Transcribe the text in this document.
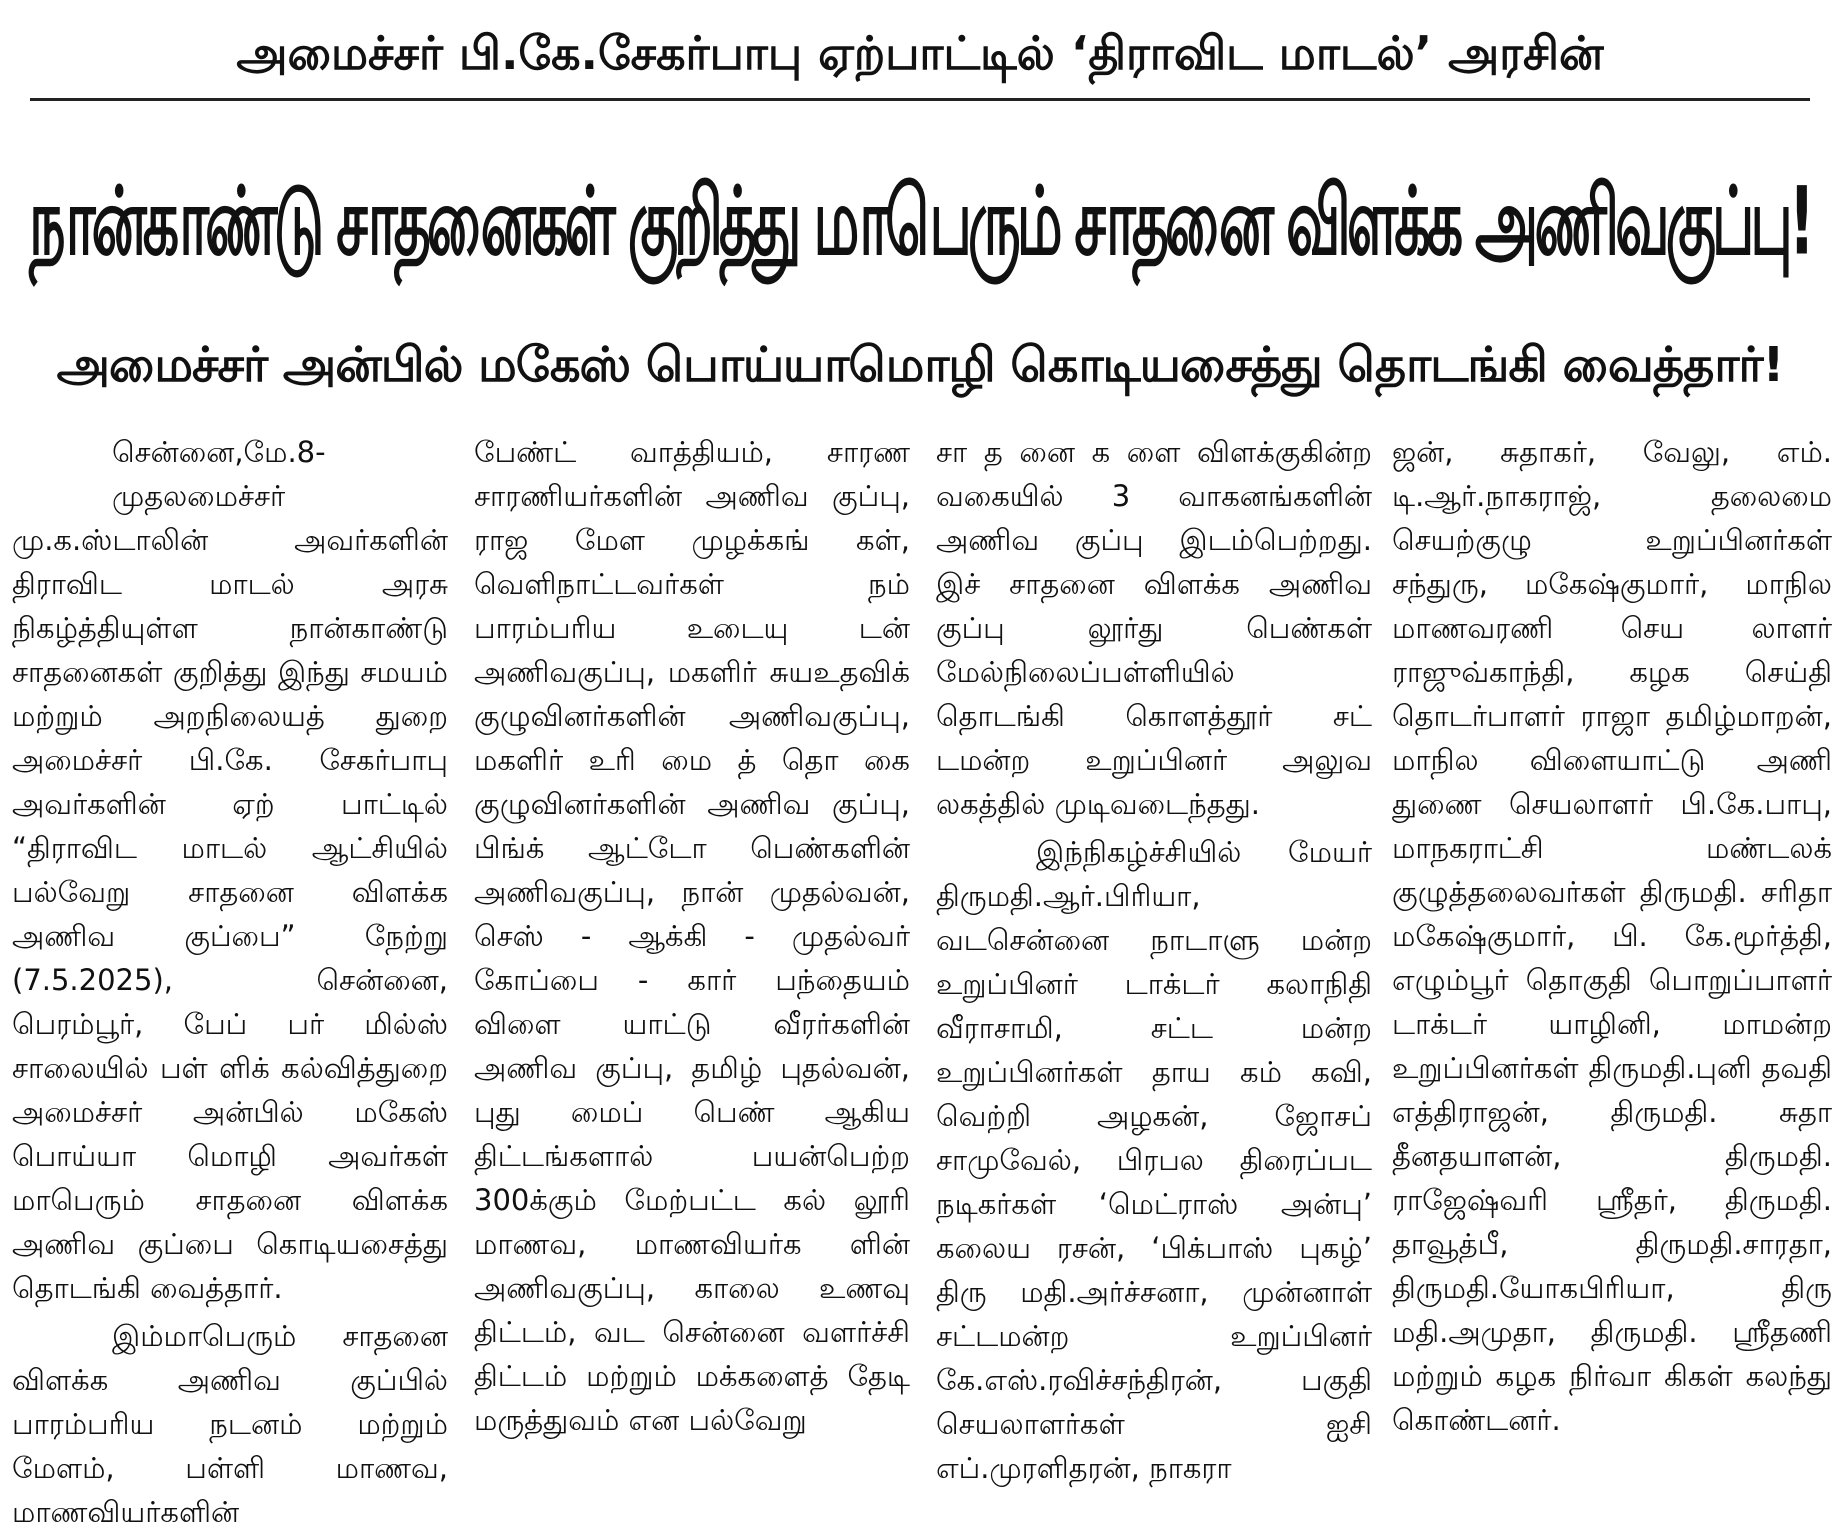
அமைச்சர் பி.கே.சேகர்பாபு ஏற்பாட்டில் ‘திராவிட மாடல்’ அரசின்
நான்காண்டு சாதனைகள் குறித்து மாபெரும் சாதனை விளக்க அணிவகுப்பு!
அமைச்சர் அன்பில் மகேஸ் பொய்யாமொழி கொடியசைத்து தொடங்கி வைத்தார்!

சென்னை,மே.8-

முதலமைச்சர் மு.க.ஸ்டாலின் அவர்களின் திராவிட மாடல் அரசு நிகழ்த்தியுள்ள நான்காண்டு சாதனைகள் குறித்து இந்து சமயம் மற்றும் அறநிலையத் துறை அமைச்சர் பி.கே. சேகர்பாபு அவர்களின் ஏற் பாட்டில் “திராவிட மாடல் ஆட்சியில் பல்வேறு சாதனை விளக்க அணிவ குப்பை” நேற்று (7.5.2025), சென்னை, பெரம்பூர், பேப் பர் மில்ஸ் சாலையில் பள் ளிக் கல்வித்துறை அமைச்சர் அன்பில் மகேஸ் பொய்யா மொழி அவர்கள் மாபெரும் சாதனை விளக்க அணிவ குப்பை கொடியசைத்து தொடங்கி வைத்தார்.

இம்மாபெரும் சாதனை விளக்க அணிவ குப்பில் பாரம்பரிய நடனம் மற்றும் மேளம், பள்ளி மாணவ, மாணவியர்களின்

பேண்ட் வாத்தியம், சாரண சாரணியர்களின் அணிவ குப்பு, ராஜ மேள முழக்கங் கள், வெளிநாட்டவர்கள் நம் பாரம்பரிய உடையு டன் அணிவகுப்பு, மகளிர் சுயஉதவிக் குழுவினர்களின் அணிவகுப்பு, மகளிர் உரி மை த் தொ கை குழுவினர்களின் அணிவ குப்பு, பிங்க் ஆட்டோ பெண்களின் அணிவகுப்பு, நான் முதல்வன், செஸ் - ஆக்கி - முதல்வர் கோப்பை - கார் பந்தையம் விளை யாட்டு வீரர்களின் அணிவ குப்பு, தமிழ் புதல்வன், புது மைப் பெண் ஆகிய திட்டங்களால் பயன்பெற்ற 300க்கும் மேற்பட்ட கல் லூரி மாணவ, மாணவியர்க ளின் அணிவகுப்பு, காலை உணவு திட்டம், வட சென்னை வளர்ச்சி திட்டம் மற்றும் மக்களைத் தேடி மருத்துவம் என பல்வேறு

சா த னை க ளை விளக்குகின்ற வகையில் 3 வாகனங்களின் அணிவ குப்பு இடம்பெற்றது. இச் சாதனை விளக்க அணிவ குப்பு லூர்து பெண்கள் மேல்நிலைப்பள்ளியில் தொடங்கி கொளத்தூர் சட் டமன்ற உறுப்பினர் அலுவ லகத்தில் முடிவடைந்தது.

இந்நிகழ்ச்சியில் மேயர் திருமதி.ஆர்.பிரியா, வடசென்னை நாடாளு மன்ற உறுப்பினர் டாக்டர் கலாநிதி வீராசாமி, சட்ட மன்ற உறுப்பினர்கள் தாய கம் கவி, வெற்றி அழகன், ஜோசப் சாமுவேல், பிரபல திரைப்பட நடிகர்கள் ‘மெட்ராஸ் அன்பு’ கலைய ரசன், ‘பிக்பாஸ் புகழ்’ திரு மதி.அர்ச்சனா, முன்னாள் சட்டமன்ற உறுப்பினர் கே.எஸ்.ரவிச்சந்திரன், பகுதி செயலாளர்கள் ஐசி எப்.முரளிதரன், நாகரா

ஜன், சுதாகர், வேலு, எம். டி.ஆர்.நாகராஜ், தலைமை செயற்குழு உறுப்பினர்கள் சந்துரு, மகேஷ்குமார், மாநில மாணவரணி செய லாளர் ராஜுவ்காந்தி, கழக செய்தி தொடர்பாளர் ராஜா தமிழ்மாறன், மாநில விளையாட்டு அணி துணை செயலாளர் பி.கே.பாபு, மாநகராட்சி மண்டலக் குழுத்தலைவர்கள் திருமதி. சரிதா மகேஷ்குமார், பி. கே.மூர்த்தி, எழும்பூர் தொகுதி பொறுப்பாளர் டாக்டர் யாழினி, மாமன்ற உறுப்பினர்கள் திருமதி.புனி தவதி எத்திராஜன், திருமதி. சுதா தீனதயாளன், திருமதி. ராஜேஷ்வரி ஸ்ரீதர், திருமதி. தாவூத்பீ, திருமதி.சாரதா, திருமதி.யோகபிரியா, திரு மதி.அமுதா, திருமதி. ஸ்ரீதணி மற்றும் கழக நிர்வா கிகள் கலந்து கொண்டனர்.
